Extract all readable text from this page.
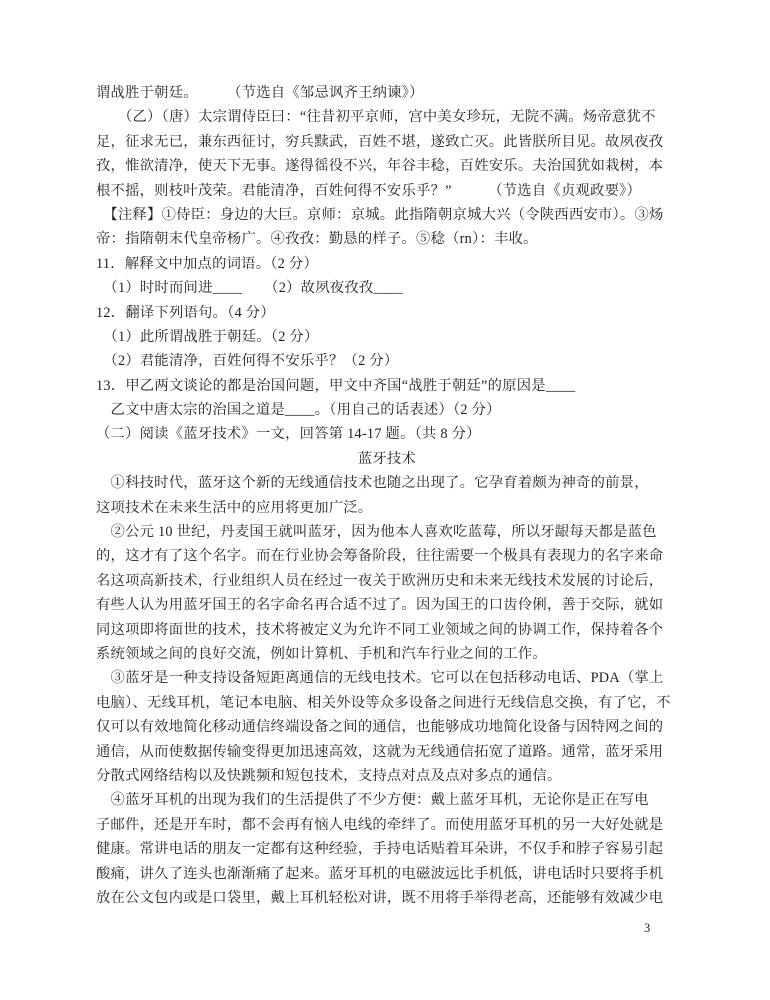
谓战胜于朝廷。　　　（节选自《邹忌讽齐王纳谏》）
　　（乙）（唐）太宗谓侍臣曰：“往昔初平京师，宫中美女珍玩，无院不满。炀帝意犹不
足，征求无已，兼东西征讨，穷兵黩武，百姓不堪，遂致亡灭。此皆朕所目见。故夙夜孜
孜，惟欲清净，使天下无事。遂得徭役不兴，年谷丰稔，百姓安乐。夫治国犹如栽树，本
根不摇，则枝叶茂荣。君能清净，百姓何得不安乐乎？”　　　（节选自《贞观政要》）
　【注释】①侍臣：身边的大巨。京师：京城。此指隋朝京城大兴（令陕西西安市）。③炀
帝：指隋朝末代皇帝杨广。④孜孜：勤恳的样子。⑤稔（rn）：丰收。
11．解释文中加点的词语。（2 分）
　（1）时时而间进____　　（2）故夙夜孜孜____
12．翻译下列语句。（4 分）
　（1）此所谓战胜于朝廷。（2 分）
　（2）君能清净，百姓何得不安乐乎？（2 分）
13．甲乙两文谈论的都是治国问题，甲文中齐国“战胜于朝廷”的原因是____
　乙文中唐太宗的治国之道是____。（用自己的话表述）（2 分）
（二）阅读《蓝牙技术》一文，回答第 14-17 题。（共 8 分）
蓝牙技术
　①科技时代，蓝牙这个新的无线通信技术也随之出现了。它孕育着颇为神奇的前景，
这项技术在未来生活中的应用将更加广泛。
　②公元 10 世纪，丹麦国王就叫蓝牙，因为他本人喜欢吃蓝莓，所以牙龈每天都是蓝色
的，这才有了这个名字。而在行业协会筹备阶段，往往需要一个极具有表现力的名字来命
名这项高新技术，行业组织人员在经过一夜关于欧洲历史和未来无线技术发展的讨论后，
有些人认为用蓝牙国王的名字命名再合适不过了。因为国王的口齿伶俐，善于交际，就如
同这项即将面世的技术，技术将被定义为允许不同工业领域之间的协调工作，保持着各个
系统领域之间的良好交流，例如计算机、手机和汽车行业之间的工作。
　③蓝牙是一种支持设备短距离通信的无线电技术。它可以在包括移动电话、PDA（掌上
电脑）、无线耳机，笔记本电脑、相关外设等众多设备之间进行无线信息交换，有了它，不
仅可以有效地简化移动通信终端设备之间的通信，也能够成功地简化设备与因特网之间的
通信，从而使数据传输变得更加迅速高效，这就为无线通信拓宽了道路。通常，蓝牙采用
分散式网络结构以及快跳频和短包技术，支持点对点及点对多点的通信。
　④蓝牙耳机的出现为我们的生活提供了不少方便：戴上蓝牙耳机，无论你是正在写电
子邮件，还是开车时，都不会再有恼人电线的牵绊了。而使用蓝牙耳机的另一大好处就是
健康。常讲电话的朋友一定都有这种经验，手持电话贴着耳朵讲，不仅手和脖子容易引起
酸痛，讲久了连头也渐渐痛了起来。蓝牙耳机的电磁波远比手机低，讲电话时只要将手机
放在公文包内或是口袋里，戴上耳机轻松对讲，既不用将手举得老高，还能够有效减少电
3
